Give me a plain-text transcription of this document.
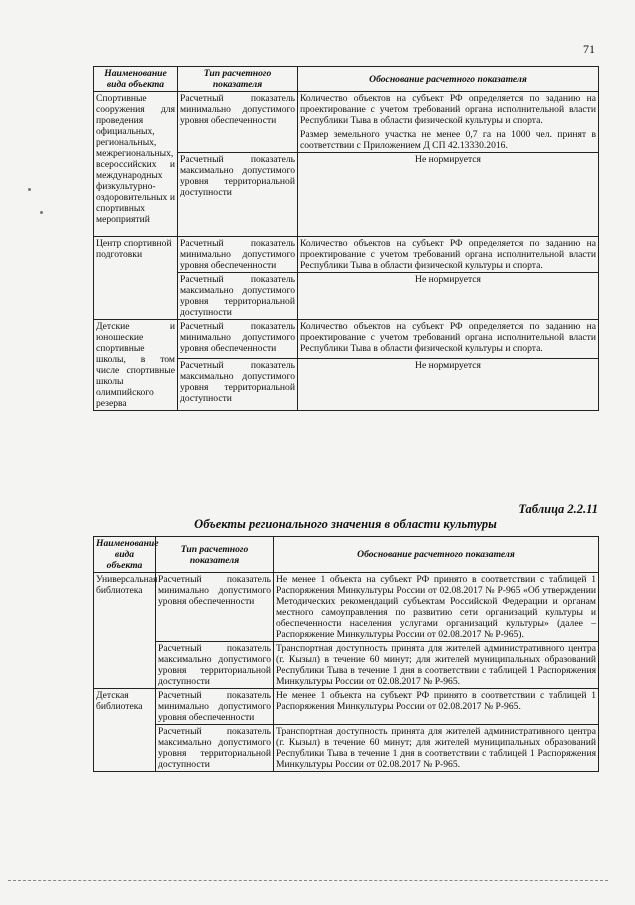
71
Наименование вида объекта	Тип расчетного показателя	Обоснование расчетного показателя
Спортивные сооружения для проведения официальных, региональных, межрегиональных, всероссийских и международных физкультурно-оздоровительных и спортивных мероприятий	Расчетный показатель минимально допустимого уровня обеспеченности	Количество объектов на субъект РФ определяется по заданию на проектирование с учетом требований органа исполнительной власти Республики Тыва в области физической культуры и спорта.
Размер земельного участка не менее 0,7 га на 1000 чел. принят в соответствии с Приложением Д СП 42.13330.2016.

	Расчетный показатель максимально допустимого уровня территориальной доступности	Не нормируется
Центр спортивной подготовки	Расчетный показатель минимально допустимого уровня обеспеченности	Количество объектов на субъект РФ определяется по заданию на проектирование с учетом требований органа исполнительной власти Республики Тыва в области физической культуры и спорта.
	Расчетный показатель максимально допустимого уровня территориальной доступности	Не нормируется
Детские и юношеские спортивные школы, в том числе спортивные школы олимпийского резерва	Расчетный показатель минимально допустимого уровня обеспеченности	Количество объектов на субъект РФ определяется по заданию на проектирование с учетом требований органа исполнительной власти Республики Тыва в области физической культуры и спорта.
	Расчетный показатель максимально допустимого уровня территориальной доступности	Не нормируется
Таблица 2.2.11
Объекты регионального значения в области культуры
Наименование вида объекта	Тип расчетного показателя	Обоснование расчетного показателя
Универсальная библиотека	Расчетный показатель минимально допустимого уровня обеспеченности	Не менее 1 объекта на субъект РФ принято в соответствии с таблицей 1 Распоряжения Минкультуры России от 02.08.2017 № Р-965 «Об утверждении Методических рекомендаций субъектам Российской Федерации и органам местного самоуправления по развитию сети организаций культуры и обеспеченности населения услугами организаций культуры» (далее – Распоряжение Минкультуры России от 02.08.2017 № Р-965).
	Расчетный показатель максимально допустимого уровня территориальной доступности	Транспортная доступность принята для жителей административного центра (г. Кызыл) в течение 60 минут; для жителей муниципальных образований Республики Тыва в течение 1 дня в соответствии с таблицей 1 Распоряжения Минкультуры России от 02.08.2017 № Р-965.
Детская библиотека	Расчетный показатель минимально допустимого уровня обеспеченности	Не менее 1 объекта на субъект РФ принято в соответствии с таблицей 1 Распоряжения Минкультуры России от 02.08.2017 № Р-965.
	Расчетный показатель максимально допустимого уровня территориальной доступности	Транспортная доступность принята для жителей административного центра (г. Кызыл) в течение 60 минут; для жителей муниципальных образований Республики Тыва в течение 1 дня в соответствии с таблицей 1 Распоряжения Минкультуры России от 02.08.2017 № Р-965.
